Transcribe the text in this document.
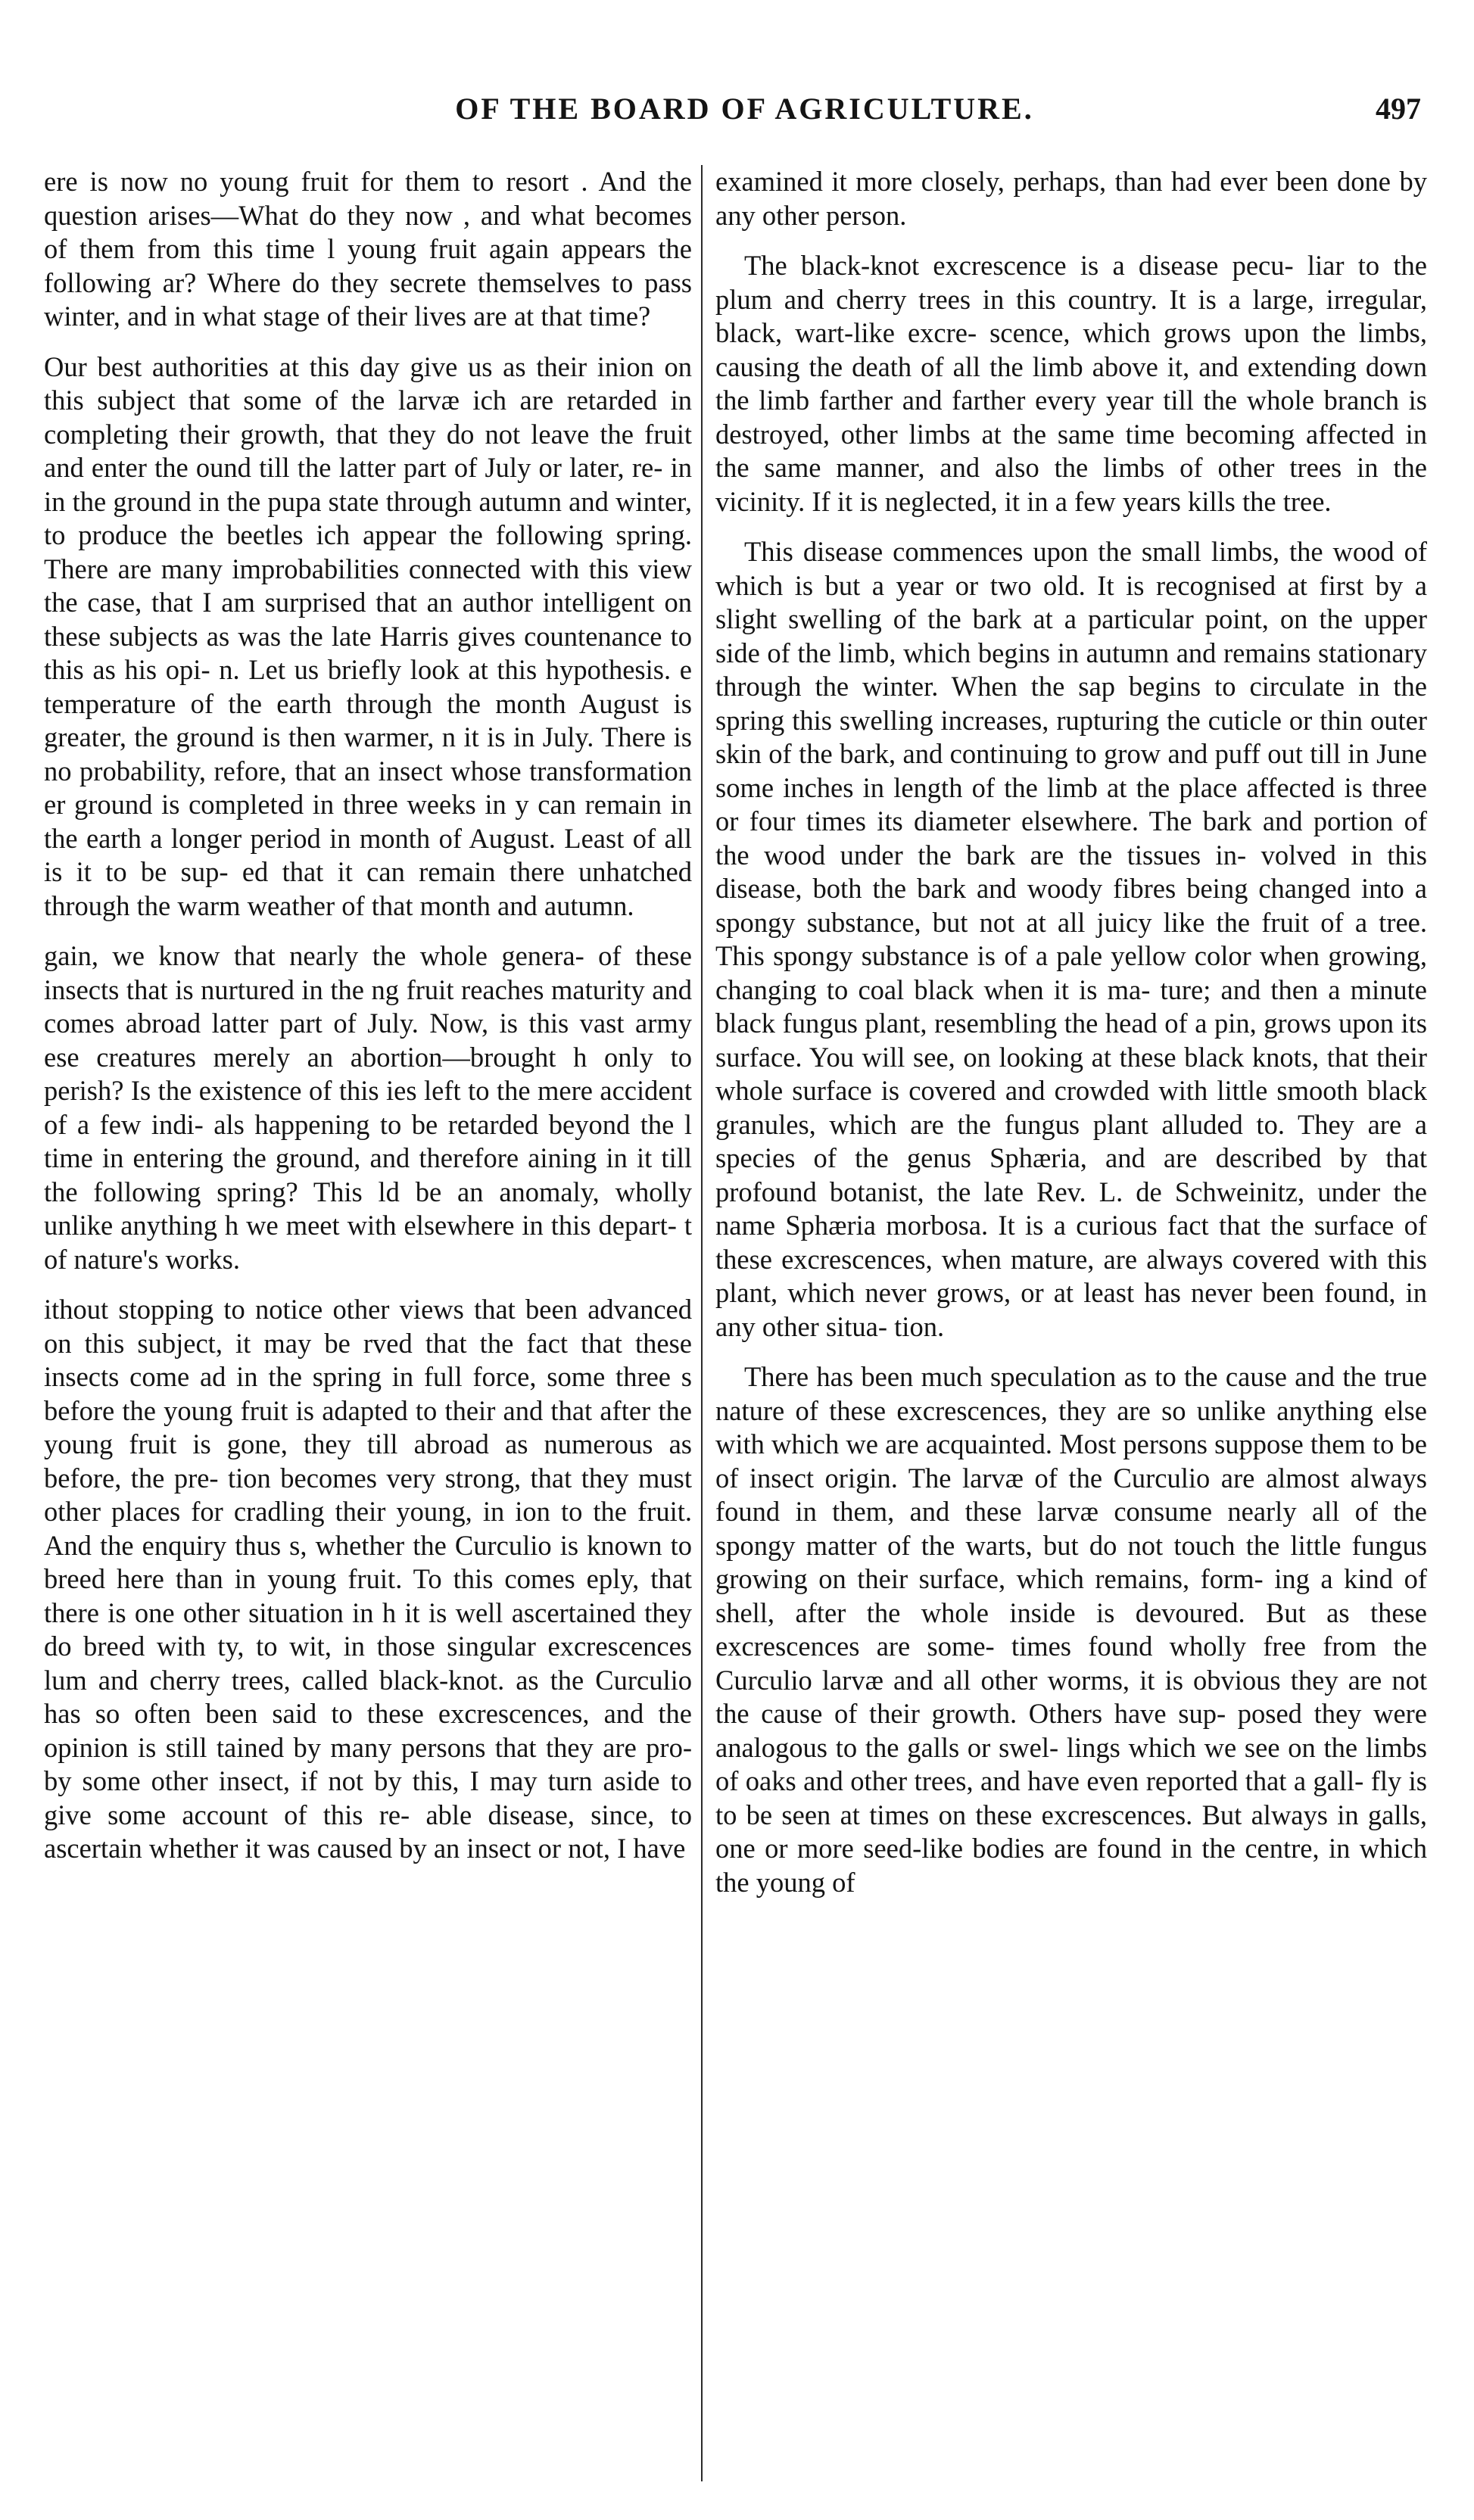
OF THE BOARD OF AGRICULTURE.	497

ere is now no young fruit for them to resort . And the question arises—What do they now , and what becomes of them from this time l young fruit again appears the following ar? Where do they secrete themselves to pass winter, and in what stage of their lives are at that time?

Our best authorities at this day give us as their inion on this subject that some of the larvæ ich are retarded in completing their growth, that they do not leave the fruit and enter the ound till the latter part of July or later, re- in in the ground in the pupa state through autumn and winter, to produce the beetles ich appear the following spring. There are many improbabilities connected with this view the case, that I am surprised that an author intelligent on these subjects as was the late Harris gives countenance to this as his opi- n. Let us briefly look at this hypothesis. e temperature of the earth through the month August is greater, the ground is then warmer, n it is in July. There is no probability, refore, that an insect whose transformation er ground is completed in three weeks in y can remain in the earth a longer period in month of August. Least of all is it to be sup- ed that it can remain there unhatched through the warm weather of that month and autumn.

gain, we know that nearly the whole genera- of these insects that is nurtured in the ng fruit reaches maturity and comes abroad latter part of July. Now, is this vast army ese creatures merely an abortion—brought h only to perish? Is the existence of this ies left to the mere accident of a few indi- als happening to be retarded beyond the l time in entering the ground, and therefore aining in it till the following spring? This ld be an anomaly, wholly unlike anything h we meet with elsewhere in this depart- t of nature's works.

ithout stopping to notice other views that been advanced on this subject, it may be rved that the fact that these insects come ad in the spring in full force, some three s before the young fruit is adapted to their and that after the young fruit is gone, they till abroad as numerous as before, the pre- tion becomes very strong, that they must other places for cradling their young, in ion to the fruit. And the enquiry thus s, whether the Curculio is known to breed here than in young fruit. To this comes eply, that there is one other situation in h it is well ascertained they do breed with ty, to wit, in those singular excrescences lum and cherry trees, called black-knot. as the Curculio has so often been said to these excrescences, and the opinion is still tained by many persons that they are pro- by some other insect, if not by this, I may turn aside to give some account of this re- able disease, since, to ascertain whether it was caused by an insect or not, I have

examined it more closely, perhaps, than had ever been done by any other person.

The black-knot excrescence is a disease pecu- liar to the plum and cherry trees in this country. It is a large, irregular, black, wart-like excre- scence, which grows upon the limbs, causing the death of all the limb above it, and extending down the limb farther and farther every year till the whole branch is destroyed, other limbs at the same time becoming affected in the same manner, and also the limbs of other trees in the vicinity. If it is neglected, it in a few years kills the tree.

This disease commences upon the small limbs, the wood of which is but a year or two old. It is recognised at first by a slight swelling of the bark at a particular point, on the upper side of the limb, which begins in autumn and remains stationary through the winter. When the sap begins to circulate in the spring this swelling increases, rupturing the cuticle or thin outer skin of the bark, and continuing to grow and puff out till in June some inches in length of the limb at the place affected is three or four times its diameter elsewhere. The bark and portion of the wood under the bark are the tissues in- volved in this disease, both the bark and woody fibres being changed into a spongy substance, but not at all juicy like the fruit of a tree. This spongy substance is of a pale yellow color when growing, changing to coal black when it is ma- ture; and then a minute black fungus plant, resembling the head of a pin, grows upon its surface. You will see, on looking at these black knots, that their whole surface is covered and crowded with little smooth black granules, which are the fungus plant alluded to. They are a species of the genus Sphæria, and are described by that profound botanist, the late Rev. L. de Schweinitz, under the name Sphæria morbosa. It is a curious fact that the surface of these excrescences, when mature, are always covered with this plant, which never grows, or at least has never been found, in any other situa- tion.

There has been much speculation as to the cause and the true nature of these excrescences, they are so unlike anything else with which we are acquainted. Most persons suppose them to be of insect origin. The larvæ of the Curculio are almost always found in them, and these larvæ consume nearly all of the spongy matter of the warts, but do not touch the little fungus growing on their surface, which remains, form- ing a kind of shell, after the whole inside is devoured. But as these excrescences are some- times found wholly free from the Curculio larvæ and all other worms, it is obvious they are not the cause of their growth. Others have sup- posed they were analogous to the galls or swel- lings which we see on the limbs of oaks and other trees, and have even reported that a gall- fly is to be seen at times on these excrescences. But always in galls, one or more seed-like bodies are found in the centre, in which the young of
